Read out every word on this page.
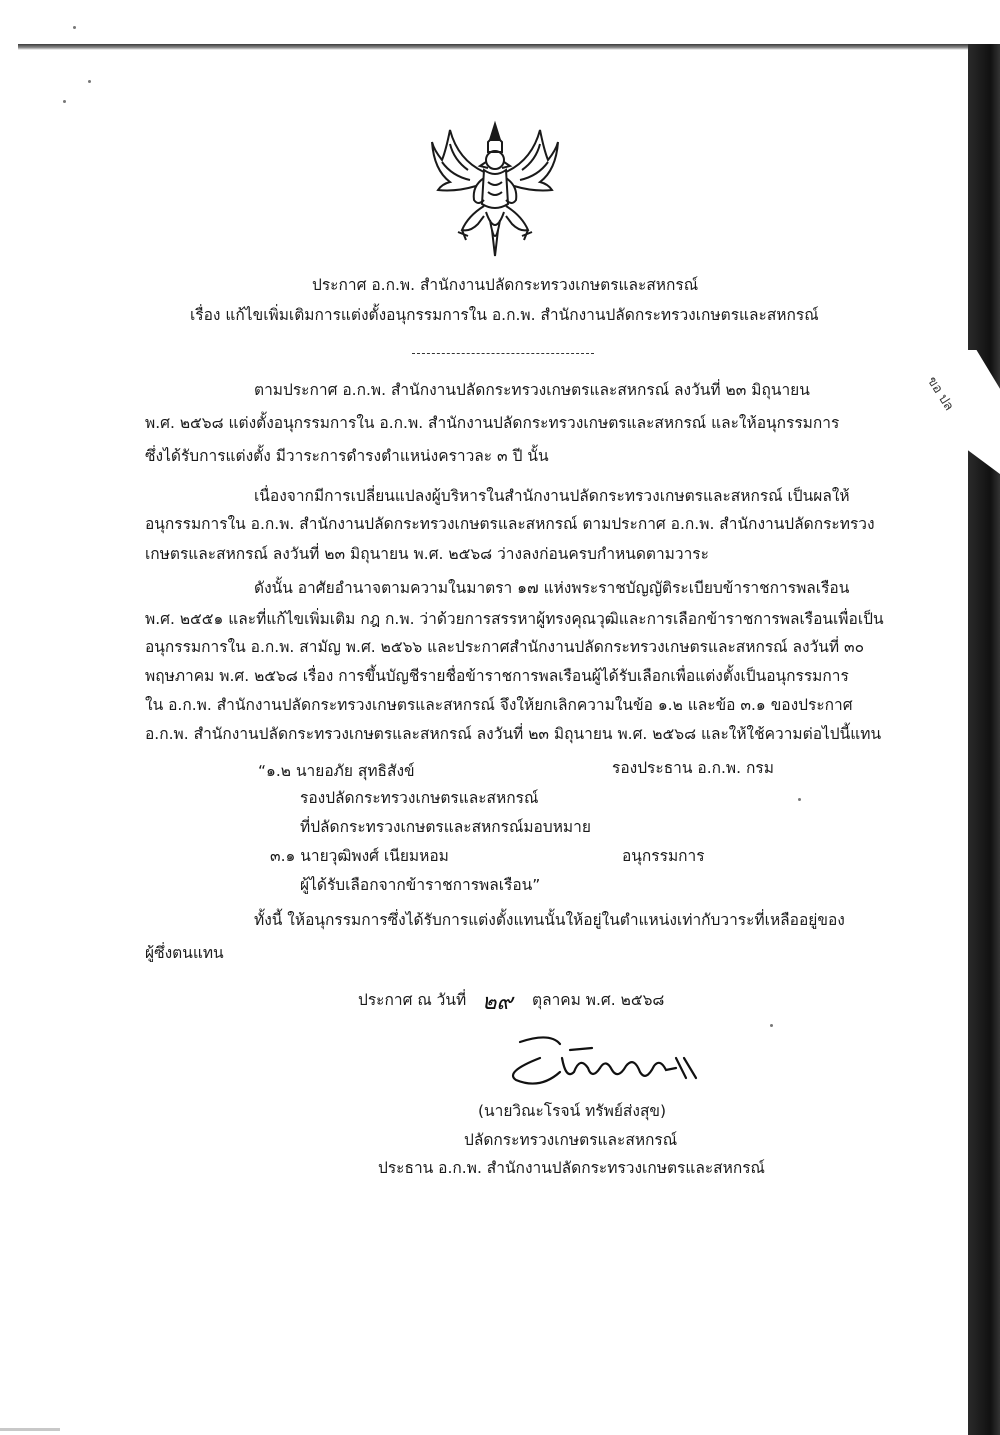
ขอ ปล
ประกาศ อ.ก.พ. สำนักงานปลัดกระทรวงเกษตรและสหกรณ์
เรื่อง แก้ไขเพิ่มเติมการแต่งตั้งอนุกรรมการใน อ.ก.พ. สำนักงานปลัดกระทรวงเกษตรและสหกรณ์
ตามประกาศ อ.ก.พ. สำนักงานปลัดกระทรวงเกษตรและสหกรณ์ ลงวันที่ ๒๓ มิถุนายน
พ.ศ. ๒๕๖๘ แต่งตั้งอนุกรรมการใน อ.ก.พ. สำนักงานปลัดกระทรวงเกษตรและสหกรณ์ และให้อนุกรรมการ
ซึ่งได้รับการแต่งตั้ง มีวาระการดำรงตำแหน่งคราวละ ๓ ปี นั้น
เนื่องจากมีการเปลี่ยนแปลงผู้บริหารในสำนักงานปลัดกระทรวงเกษตรและสหกรณ์ เป็นผลให้
อนุกรรมการใน อ.ก.พ. สำนักงานปลัดกระทรวงเกษตรและสหกรณ์ ตามประกาศ อ.ก.พ. สำนักงานปลัดกระทรวง
เกษตรและสหกรณ์ ลงวันที่ ๒๓ มิถุนายน พ.ศ. ๒๕๖๘ ว่างลงก่อนครบกำหนดตามวาระ
ดังนั้น อาศัยอำนาจตามความในมาตรา ๑๗ แห่งพระราชบัญญัติระเบียบข้าราชการพลเรือน
พ.ศ. ๒๕๕๑ และที่แก้ไขเพิ่มเติม กฎ ก.พ. ว่าด้วยการสรรหาผู้ทรงคุณวุฒิและการเลือกข้าราชการพลเรือนเพื่อเป็น
อนุกรรมการใน อ.ก.พ. สามัญ พ.ศ. ๒๕๖๖ และประกาศสำนักงานปลัดกระทรวงเกษตรและสหกรณ์ ลงวันที่ ๓๐
พฤษภาคม พ.ศ. ๒๕๖๘ เรื่อง การขึ้นบัญชีรายชื่อข้าราชการพลเรือนผู้ได้รับเลือกเพื่อแต่งตั้งเป็นอนุกรรมการ
ใน อ.ก.พ. สำนักงานปลัดกระทรวงเกษตรและสหกรณ์ จึงให้ยกเลิกความในข้อ ๑.๒ และข้อ ๓.๑ ของประกาศ
อ.ก.พ. สำนักงานปลัดกระทรวงเกษตรและสหกรณ์ ลงวันที่ ๒๓ มิถุนายน พ.ศ. ๒๕๖๘ และให้ใช้ความต่อไปนี้แทน
“๑.๒ นายอภัย สุทธิสังข์	รองประธาน อ.ก.พ. กรม
รองปลัดกระทรวงเกษตรและสหกรณ์
ที่ปลัดกระทรวงเกษตรและสหกรณ์มอบหมาย
๓.๑ นายวุฒิพงศ์ เนียมหอม	อนุกรรมการ
ผู้ได้รับเลือกจากข้าราชการพลเรือน”
ทั้งนี้ ให้อนุกรรมการซึ่งได้รับการแต่งตั้งแทนนั้นให้อยู่ในตำแหน่งเท่ากับวาระที่เหลืออยู่ของ
ผู้ซึ่งตนแทน
ประกาศ ณ วันที่ ๒๙ ตุลาคม พ.ศ. ๒๕๖๘
(นายวิณะโรจน์ ทรัพย์ส่งสุข)
ปลัดกระทรวงเกษตรและสหกรณ์
ประธาน อ.ก.พ. สำนักงานปลัดกระทรวงเกษตรและสหกรณ์
